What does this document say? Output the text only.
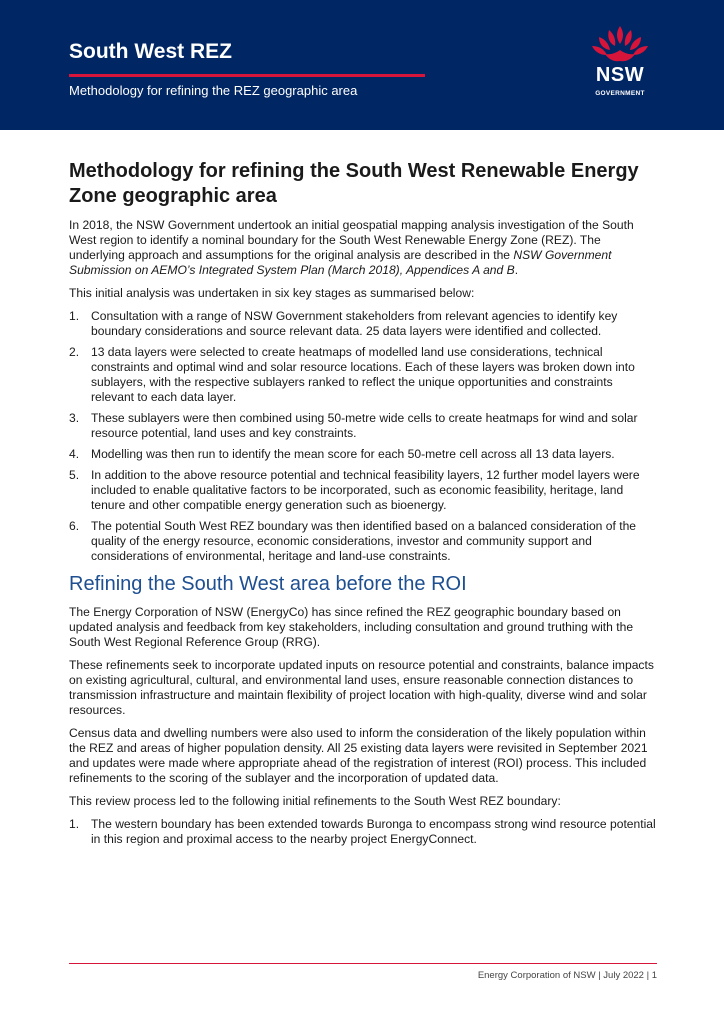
South West REZ
Methodology for refining the REZ geographic area
NSW
GOVERNMENT
Methodology for refining the South West Renewable Energy Zone geographic area

In 2018, the NSW Government undertook an initial geospatial mapping analysis investigation of the South West region to identify a nominal boundary for the South West Renewable Energy Zone (REZ). The underlying approach and assumptions for the original analysis are described in the NSW Government Submission on AEMO’s Integrated System Plan (March 2018), Appendices A and B.

This initial analysis was undertaken in six key stages as summarised below:

1. Consultation with a range of NSW Government stakeholders from relevant agencies to identify key boundary considerations and source relevant data. 25 data layers were identified and collected.
2. 13 data layers were selected to create heatmaps of modelled land use considerations, technical constraints and optimal wind and solar resource locations. Each of these layers was broken down into sublayers, with the respective sublayers ranked to reflect the unique opportunities and constraints relevant to each data layer.
3. These sublayers were then combined using 50-metre wide cells to create heatmaps for wind and solar resource potential, land uses and key constraints.
4. Modelling was then run to identify the mean score for each 50-metre cell across all 13 data layers.
5. In addition to the above resource potential and technical feasibility layers, 12 further model layers were included to enable qualitative factors to be incorporated, such as economic feasibility, heritage, land tenure and other compatible energy generation such as bioenergy.
6. The potential South West REZ boundary was then identified based on a balanced consideration of the quality of the energy resource, economic considerations, investor and community support and considerations of environmental, heritage and land-use constraints.
Refining the South West area before the ROI

The Energy Corporation of NSW (EnergyCo) has since refined the REZ geographic boundary based on updated analysis and feedback from key stakeholders, including consultation and ground truthing with the South West Regional Reference Group (RRG).

These refinements seek to incorporate updated inputs on resource potential and constraints, balance impacts on existing agricultural, cultural, and environmental land uses, ensure reasonable connection distances to transmission infrastructure and maintain flexibility of project location with high-quality, diverse wind and solar resources.

Census data and dwelling numbers were also used to inform the consideration of the likely population within the REZ and areas of higher population density. All 25 existing data layers were revisited in September 2021 and updates were made where appropriate ahead of the registration of interest (ROI) process. This included refinements to the scoring of the sublayer and the incorporation of updated data.

This review process led to the following initial refinements to the South West REZ boundary:

1. The western boundary has been extended towards Buronga to encompass strong wind resource potential in this region and proximal access to the nearby project EnergyConnect.
Energy Corporation of NSW | July 2022 | 1
